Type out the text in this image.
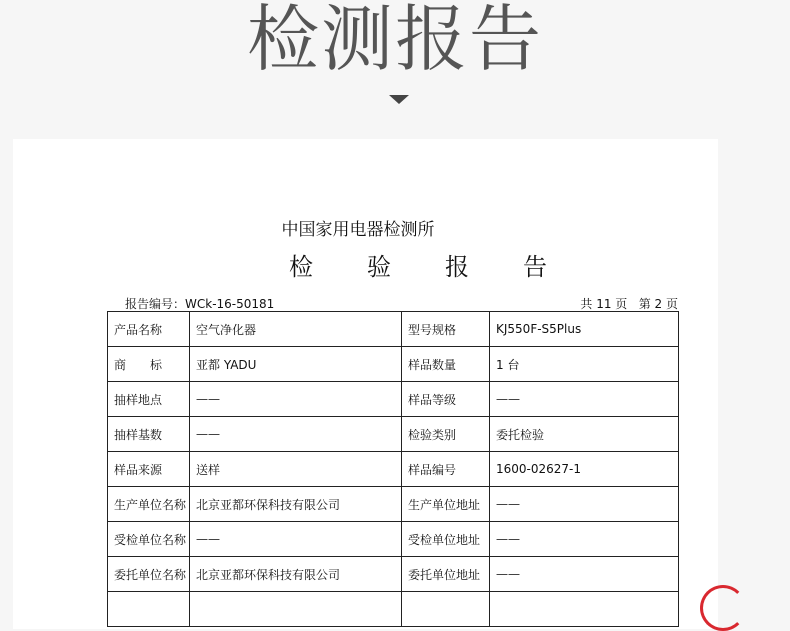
检测报告
中国家用电器检测所
检 验 报 告
报告编号：WCk-16-50181	共 11 页   第 2 页
产品名称	空气净化器	型号规格	KJ550F-S5Plus
商　　标	亚都 YADU	样品数量	1 台
抽样地点	——	样品等级	——
抽样基数	——	检验类别	委托检验
样品来源	送样	样品编号	1600-02627-1
生产单位名称	北京亚都环保科技有限公司	生产单位地址	——
受检单位名称	——	受检单位地址	——
委托单位名称	北京亚都环保科技有限公司	委托单位地址	——
